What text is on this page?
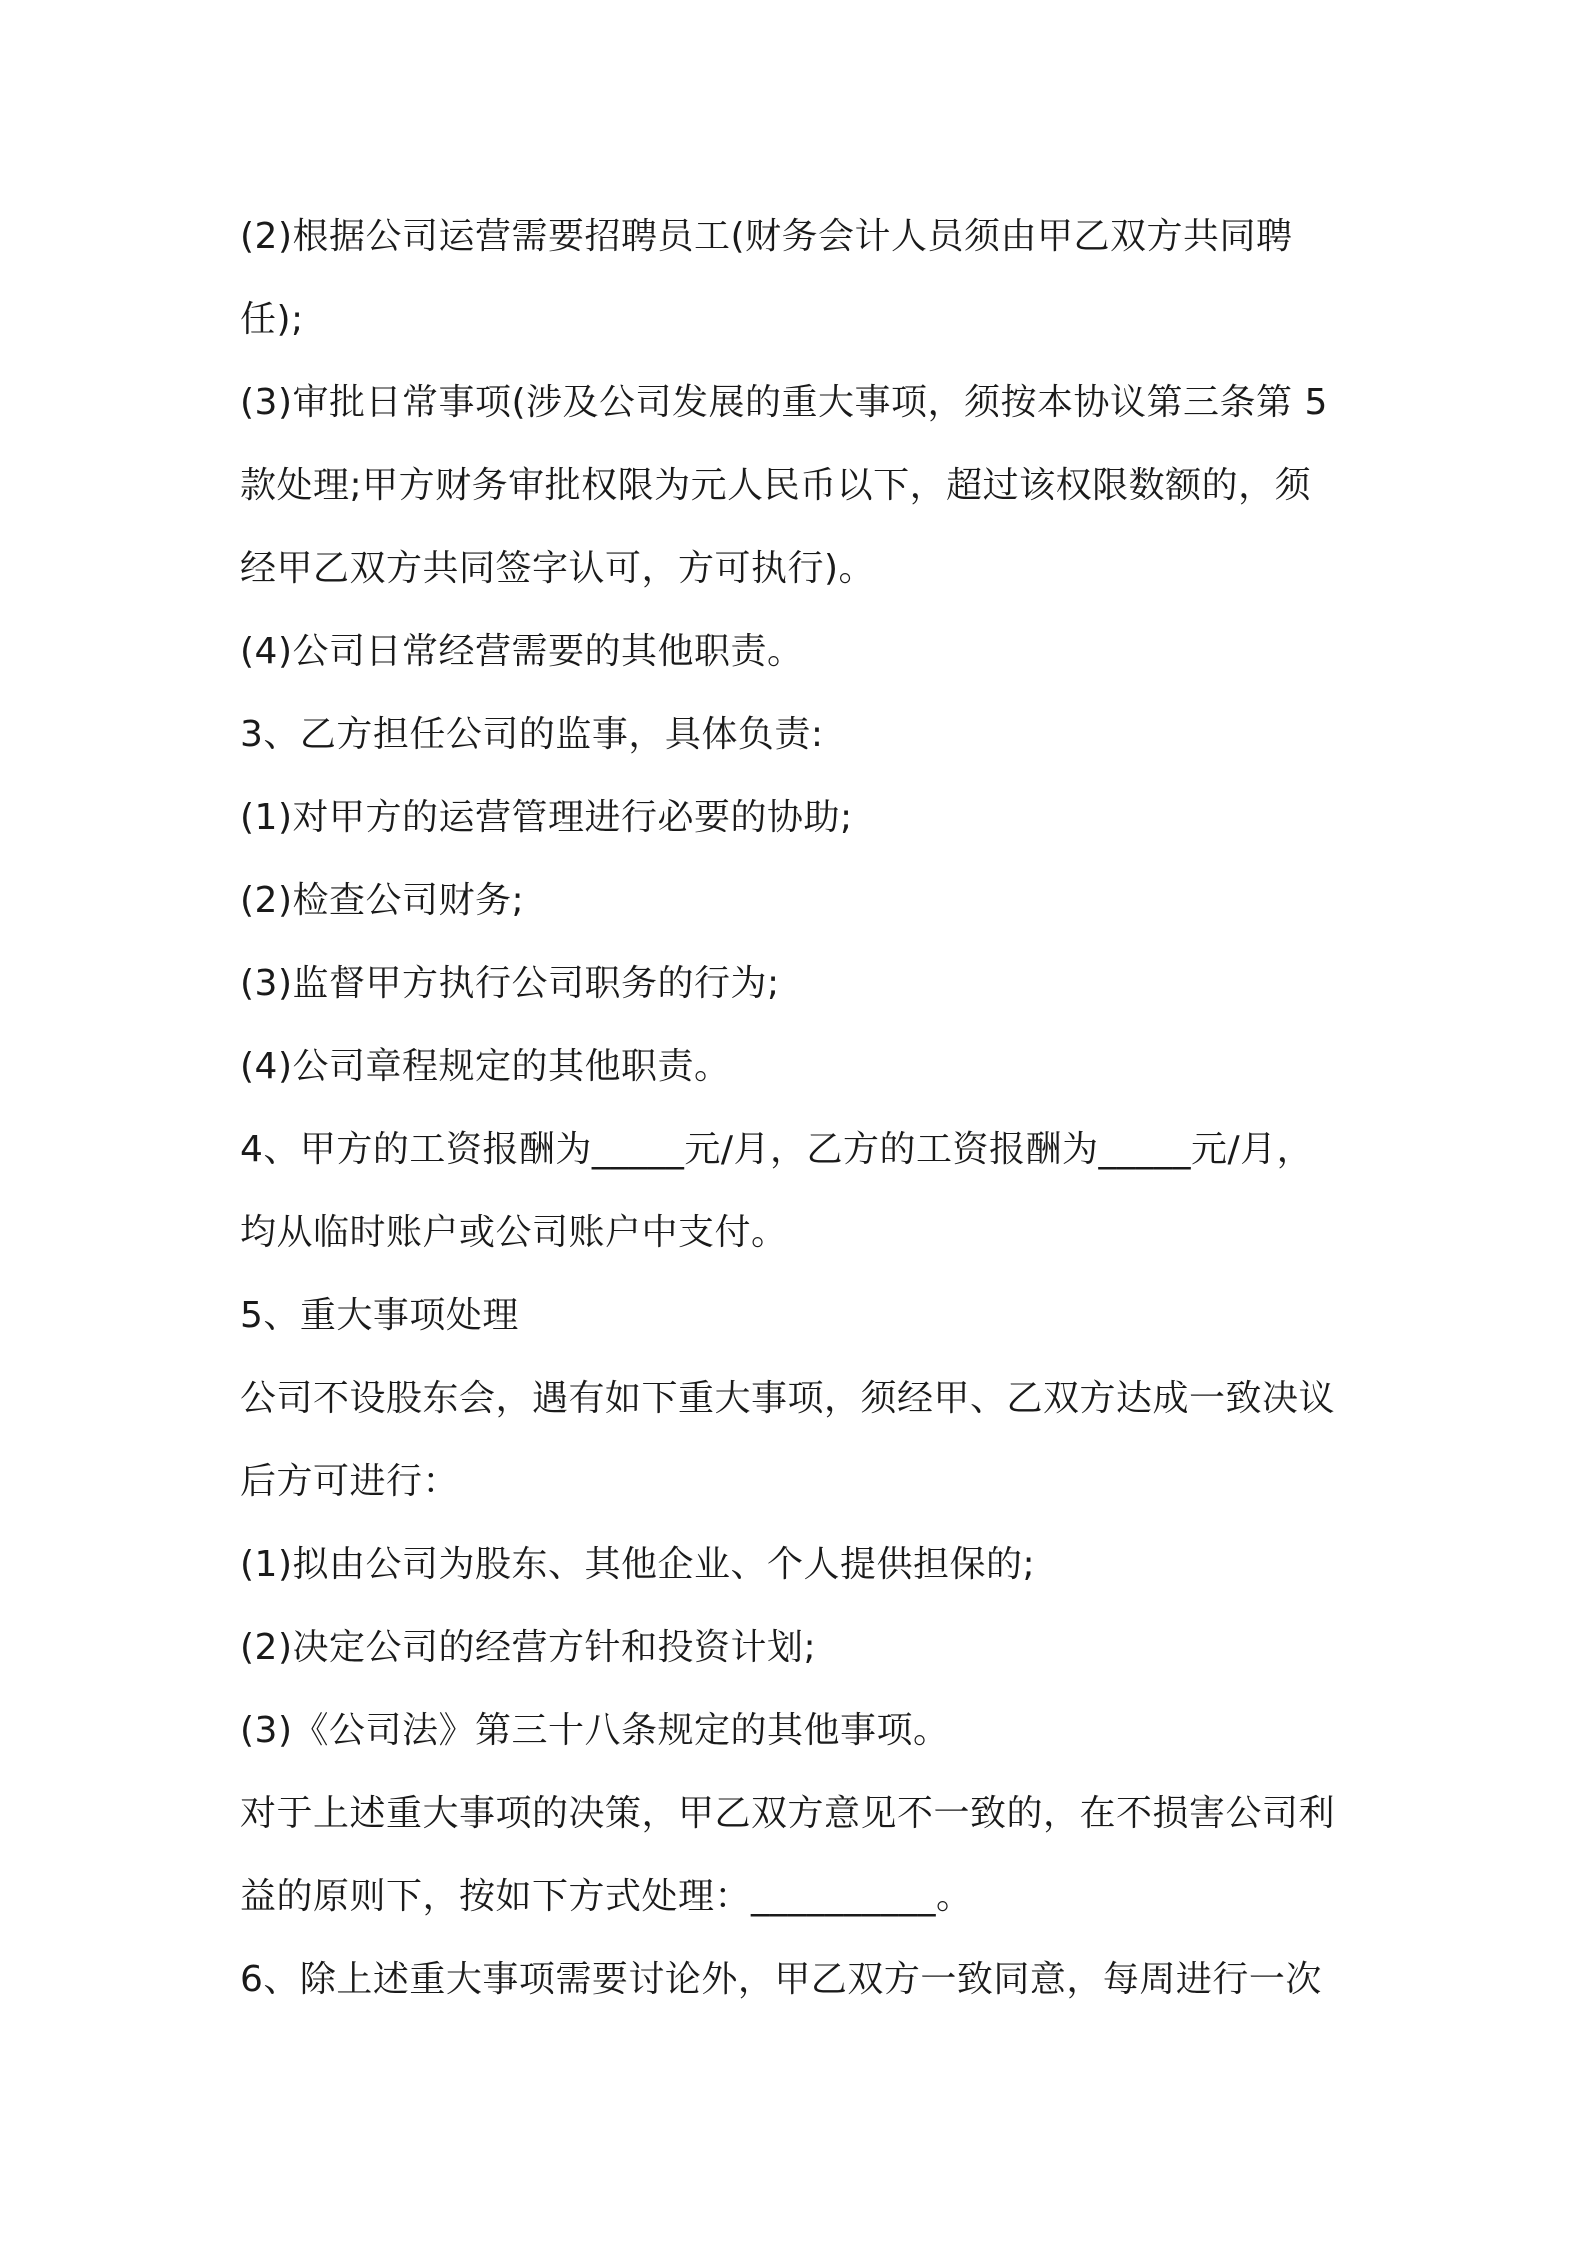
(2)根据公司运营需要招聘员工(财务会计人员须由甲乙双方共同聘

任);

(3)审批日常事项(涉及公司发展的重大事项，须按本协议第三条第 5

款处理;甲方财务审批权限为元人民币以下，超过该权限数额的，须

经甲乙双方共同签字认可，方可执行)。

(4)公司日常经营需要的其他职责。

3、乙方担任公司的监事，具体负责:

(1)对甲方的运营管理进行必要的协助;

(2)检查公司财务;

(3)监督甲方执行公司职务的行为;

(4)公司章程规定的其他职责。

4、甲方的工资报酬为_____元/月，乙方的工资报酬为_____元/月，

均从临时账户或公司账户中支付。

5、重大事项处理

公司不设股东会，遇有如下重大事项，须经甲、乙双方达成一致决议

后方可进行：

(1)拟由公司为股东、其他企业、个人提供担保的;

(2)决定公司的经营方针和投资计划;

(3)《公司法》第三十八条规定的其他事项。

对于上述重大事项的决策，甲乙双方意见不一致的，在不损害公司利

益的原则下，按如下方式处理：__________。

6、除上述重大事项需要讨论外，甲乙双方一致同意，每周进行一次
